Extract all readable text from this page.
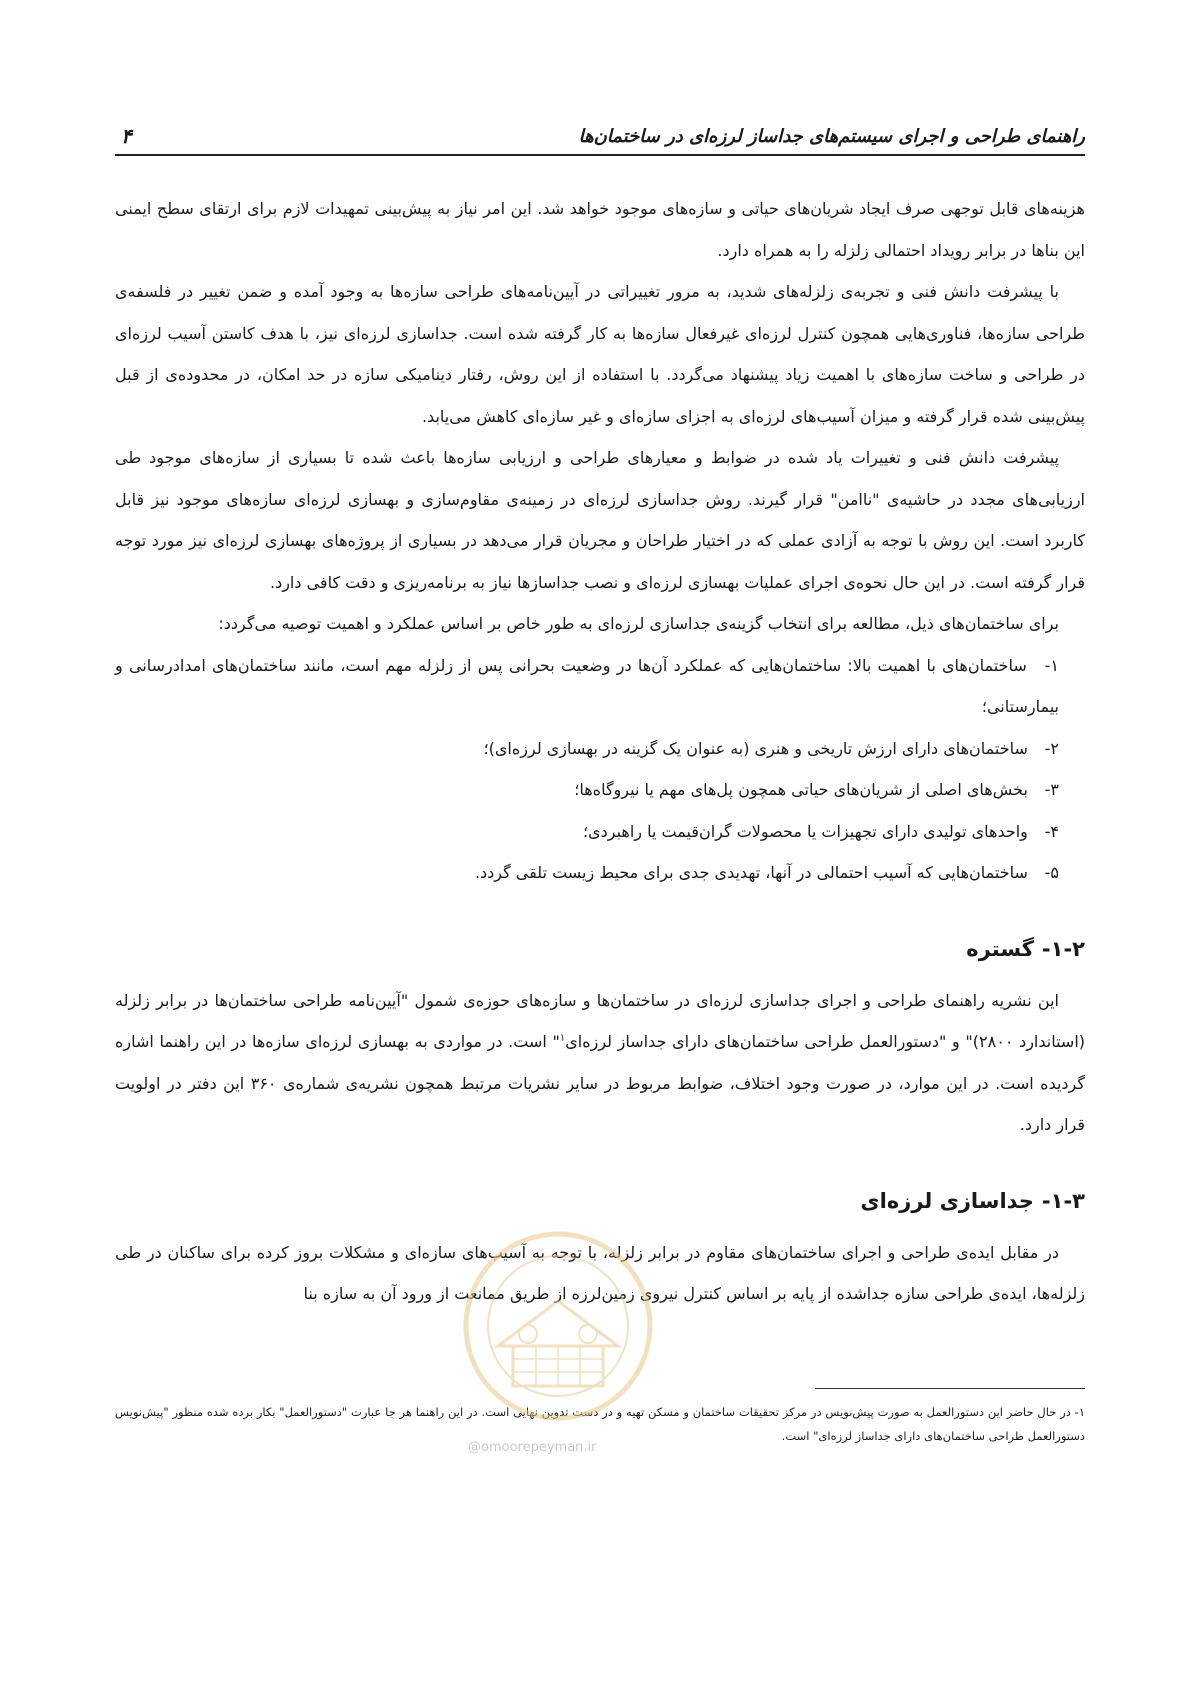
راهنمای طراحی و اجرای سیستم‌های جداساز لرزه‌ای در ساختمان‌ها
۴

هزینه‌های قابل توجهی صرف ایجاد شریان‌های حیاتی و سازه‌های موجود خواهد شد. این امر نیاز به پیش‌بینی تمهیدات لازم برای ارتقای سطح ایمنی این بناها در برابر رویداد احتمالی زلزله را به همراه دارد.

با پیشرفت دانش فنی و تجربه‌ی زلزله‌های شدید، به مرور تغییراتی در آیین‌نامه‌های طراحی سازه‌ها به وجود آمده و ضمن تغییر در فلسفه‌ی طراحی سازه‌ها، فناوری‌هایی همچون کنترل لرزه‌ای غیرفعال سازه‌ها به کار گرفته شده است. جداسازی لرزه‌ای نیز، با هدف کاستن آسیب لرزه‌ای در طراحی و ساخت سازه‌های با اهمیت زیاد پیشنهاد می‌گردد. با استفاده از این روش، رفتار دینامیکی سازه در حد امکان، در محدوده‌ی از قبل پیش‌بینی شده قرار گرفته و میزان آسیب‌های لرزه‌ای به اجزای سازه‌ای و غیر سازه‌ای کاهش می‌یابد.

پیشرفت دانش فنی و تغییرات یاد شده در ضوابط و معیارهای طراحی و ارزیابی سازه‌ها باعث شده تا بسیاری از سازه‌های موجود طی ارزیابی‌های مجدد در حاشیه‌ی "ناامن" قرار گیرند. روش جداسازی لرزه‌ای در زمینه‌ی مقاوم‌سازی و بهسازی لرزه‌ای سازه‌های موجود نیز قابل کاربرد است. این روش با توجه به آزادی عملی که در اختیار طراحان و مجریان قرار می‌دهد در بسیاری از پروژه‌های بهسازی لرزه‌ای نیز مورد توجه قرار گرفته است. در این حال نحوه‌ی اجرای عملیات بهسازی لرزه‌ای و نصب جداسازها نیاز به برنامه‌ریزی و دقت کافی دارد.

برای ساختمان‌های ذیل، مطالعه برای انتخاب گزینه‌ی جداسازی لرزه‌ای به طور خاص بر اساس عملکرد و اهمیت توصیه می‌گردد:

۱- ساختمان‌های با اهمیت بالا: ساختمان‌هایی که عملکرد آن‌ها در وضعیت بحرانی پس از زلزله مهم است، مانند ساختمان‌های امدادرسانی و بیمارستانی؛
۲- ساختمان‌های دارای ارزش تاریخی و هنری (به عنوان یک گزینه در بهسازی لرزه‌ای)؛
۳- بخش‌های اصلی از شریان‌های حیاتی همچون پل‌های مهم یا نیروگاه‌ها؛
۴- واحدهای تولیدی دارای تجهیزات یا محصولات گران‌قیمت یا راهبردی؛
۵- ساختمان‌هایی که آسیب احتمالی در آنها، تهدیدی جدی برای محیط زیست تلقی گردد.
۱-۲-گستره

این نشریه راهنمای طراحی و اجرای جداسازی لرزه‌ای در ساختمان‌ها و سازه‌های حوزه‌ی شمول "آیین‌نامه طراحی ساختمان‌ها در برابر زلزله (استاندارد ۲۸۰۰)" و "دستورالعمل طراحی ساختمان‌های دارای جداساز لرزه‌ای$^۱$" است. در مواردی به بهسازی لرزه‌ای سازه‌ها در این راهنما اشاره گردیده است. در این موارد، در صورت وجود اختلاف، ضوابط مربوط در سایر نشریات مرتبط همچون نشریه‌ی شماره‌ی ۳۶۰ این دفتر در اولویت قرار دارد.

۱-۳-جداسازی لرزه‌ای

در مقابل ایده‌ی طراحی و اجرای ساختمان‌های مقاوم در برابر زلزله، با توجه به آسیب‌های سازه‌ای و مشکلات بروز کرده برای ساکنان در طی زلزله‌ها، ایده‌ی طراحی سازه جداشده از پایه بر اساس کنترل نیروی زمین‌لرزه از طریق ممانعت از ورود آن به سازه بنا

۱- در حال حاضر این دستورالعمل به صورت پیش‌نویس در مرکز تحقیقات ساختمان و مسکن تهیه و در دست تدوین نهایی است. در این راهنما هر جا عبارت "دستورالعمل" بکار برده شده منظور "پیش‌نویس دستورالعمل طراحی ساختمان‌های دارای جداساز لرزه‌ای" است.
@omoorepeyman.ir
